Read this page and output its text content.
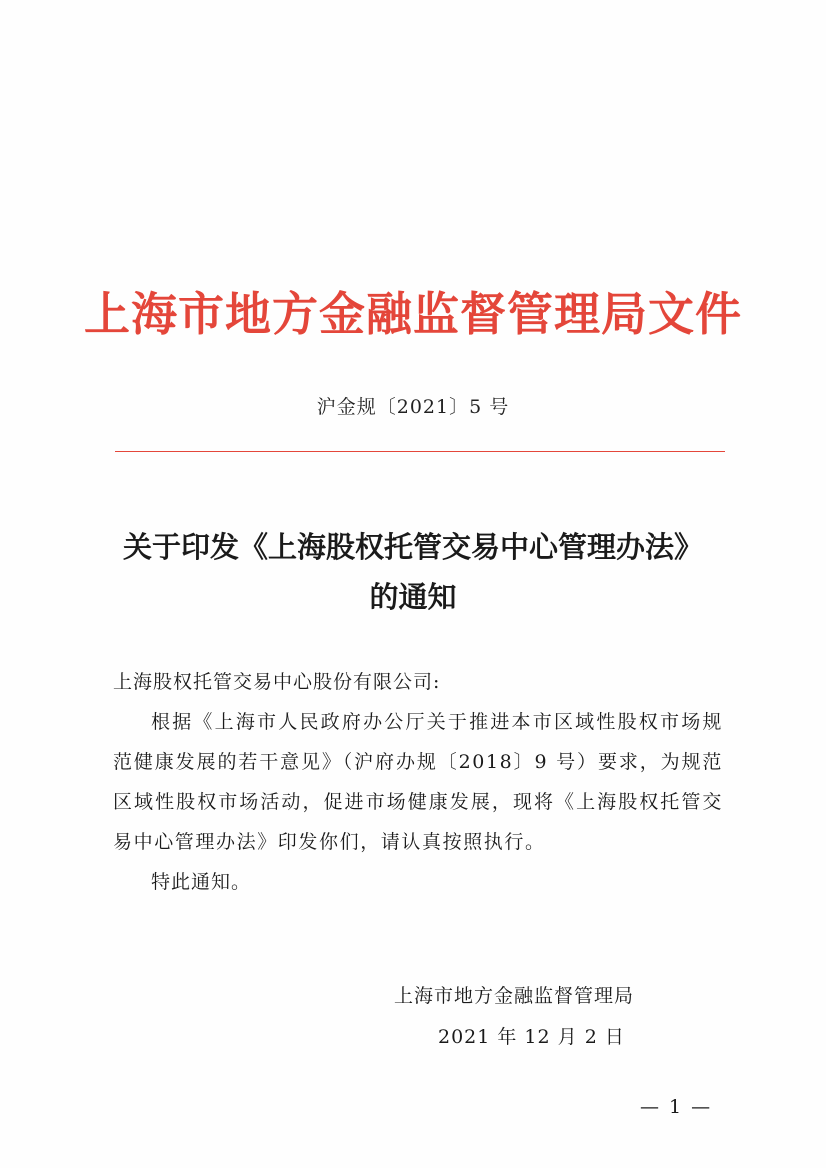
上海市地方金融监督管理局文件
沪金规〔2021〕5 号
关于印发《上海股权托管交易中心管理办法》
的通知
上海股权托管交易中心股份有限公司:
根据《上海市人民政府办公厅关于推进本市区域性股权市场规范健康发展的若干意见》（沪府办规〔2018〕9 号）要求，为规范区域性股权市场活动，促进市场健康发展，现将《上海股权托管交易中心管理办法》印发你们，请认真按照执行。
特此通知。
上海市地方金融监督管理局
2021 年 12 月 2 日
— 1 —
